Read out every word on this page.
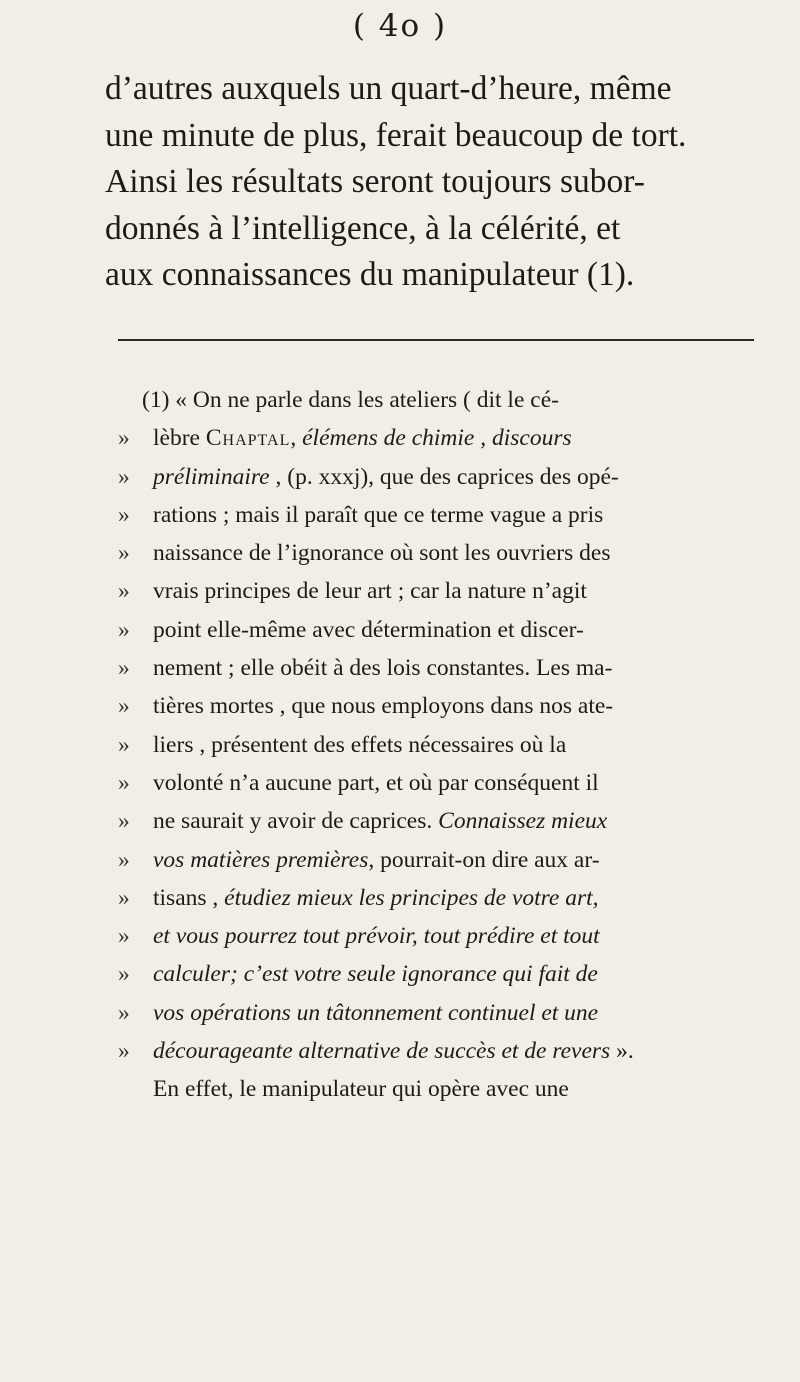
( 4o )
d’autres auxquels un quart-d’heure, même
une minute de plus, ferait beaucoup de tort.
Ainsi les résultats seront toujours subor-
donnés à l’intelligence, à la célérité, et
aux connaissances du manipulateur (1).
(1) « On ne parle dans les ateliers ( dit le cé-
» lèbre Chaptal, élémens de chimie , discours
» préliminaire , (p. xxxj), que des caprices des opé-
» rations ; mais il paraît que ce terme vague a pris
» naissance de l’ignorance où sont les ouvriers des
» vrais principes de leur art ; car la nature n’agit
» point elle-même avec détermination et discer-
» nement ; elle obéit à des lois constantes. Les ma-
» tières mortes , que nous employons dans nos ate-
» liers , présentent des effets nécessaires où la
» volonté n’a aucune part, et où par conséquent il
» ne saurait y avoir de caprices. Connaissez mieux
» vos matières premières, pourrait-on dire aux ar-
» tisans , étudiez mieux les principes de votre art,
» et vous pourrez tout prévoir, tout prédire et tout
» calculer; c’est votre seule ignorance qui fait de
» vos opérations un tâtonnement continuel et une
» décourageante alternative de succès et de revers ».
En effet, le manipulateur qui opère avec une
